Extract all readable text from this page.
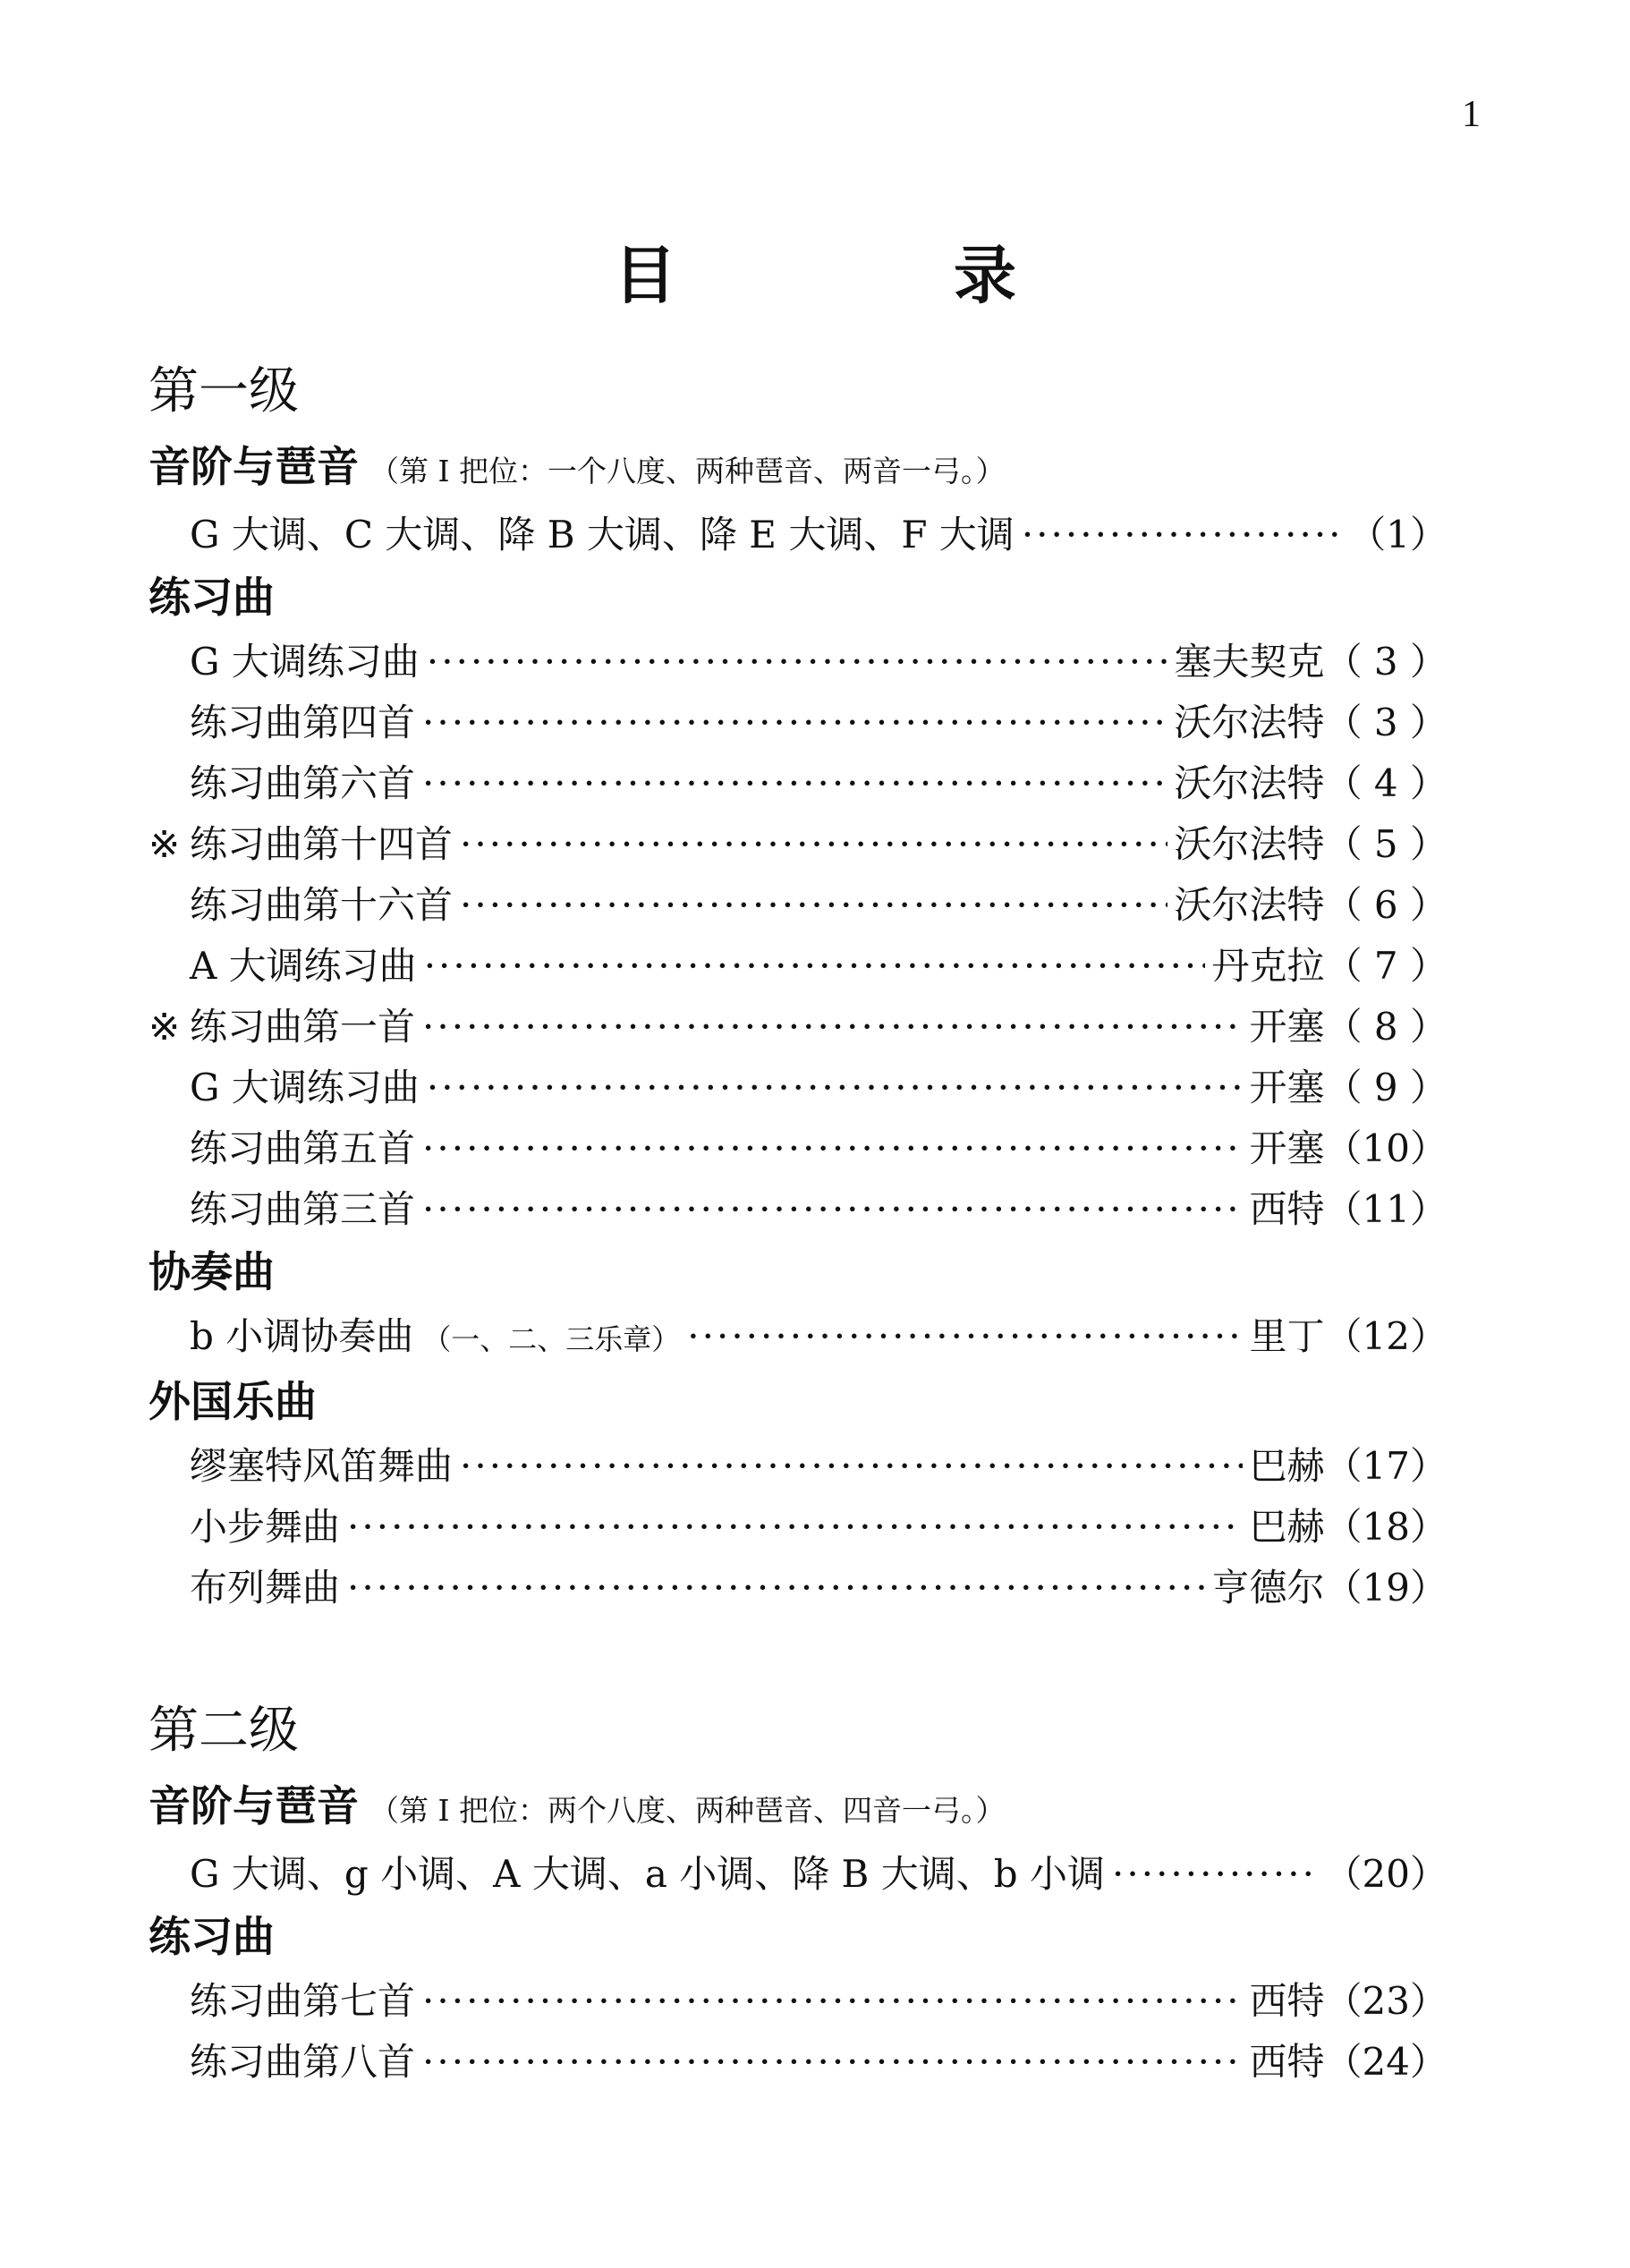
1
目　录
第一级
音阶与琶音 （第 I 把位：一个八度、两种琶音、两音一弓。）
G 大调、C 大调、降 B 大调、降 E 大调、F 大调 ·····	（1）
练习曲
G 大调练习曲 ·····	塞夫契克 （ 3 ）
练习曲第四首 ·····	沃尔法特 （ 3 ）
练习曲第六首 ·····	沃尔法特 （ 4 ）
※ 练习曲第十四首 ·····	沃尔法特 （ 5 ）
练习曲第十六首 ·····	沃尔法特 （ 6 ）
A 大调练习曲 ·····	丹克拉 （ 7 ）
※ 练习曲第一首 ·····	开塞 （ 8 ）
G 大调练习曲 ·····	开塞 （ 9 ）
练习曲第五首 ·····	开塞 （10）
练习曲第三首 ·····	西特 （11）
协奏曲
b 小调协奏曲 （一、二、三乐章） ·····	里丁 （12）
外国乐曲
缪塞特风笛舞曲 ·····	巴赫 （17）
小步舞曲 ·····	巴赫 （18）
布列舞曲 ·····	亨德尔 （19）
第二级
音阶与琶音 （第 I 把位：两个八度、两种琶音、四音一弓。）
G 大调、g 小调、A 大调、a 小调、降 B 大调、b 小调 ·····	（20）
练习曲
练习曲第七首 ·····	西特 （23）
练习曲第八首 ·····	西特 （24）
